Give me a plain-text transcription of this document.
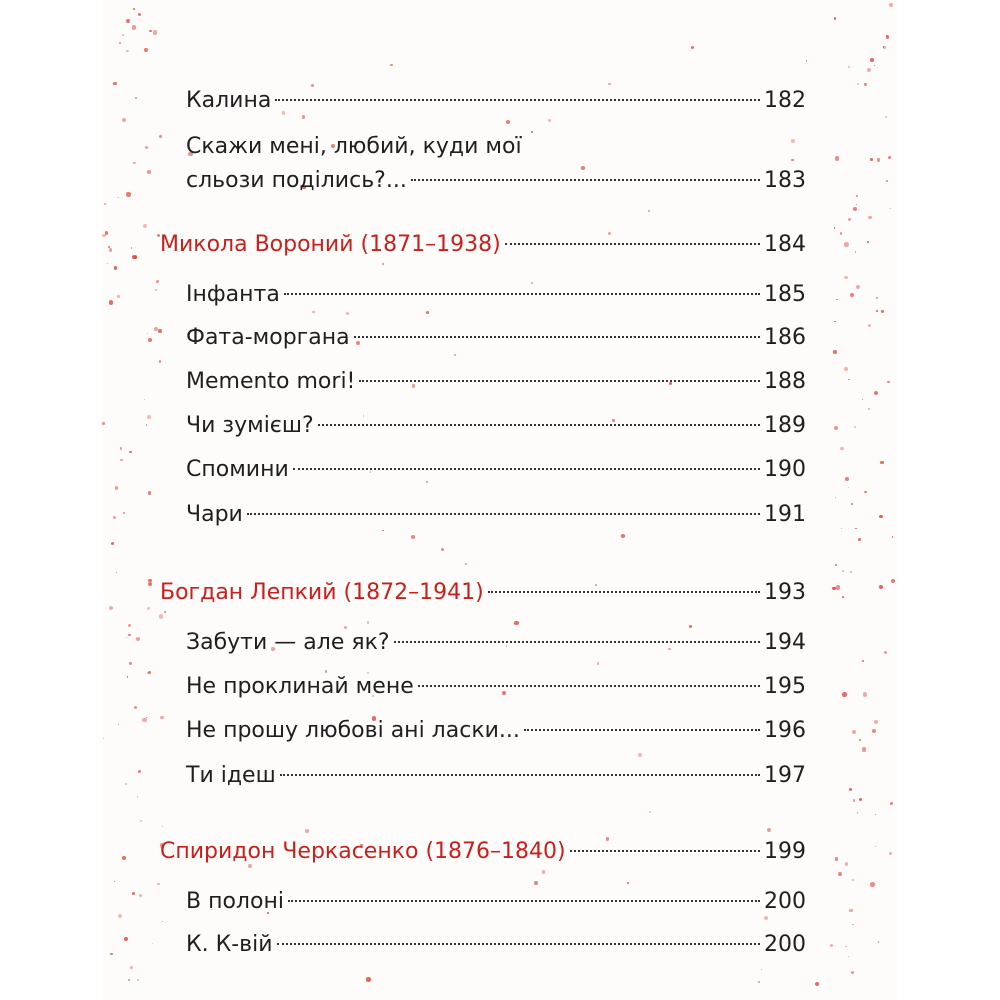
Калина	182
Скажи мені, любий, куди мої
сльози поділись?...	183
Микола Вороний (1871–1938)	184
Інфанта	185
Фата-моргана	186
Memento mori!	188
Чи зумієш?	189
Спомини	190
Чари	191
Богдан Лепкий (1872–1941)	193
Забути — але як?	194
Не проклинай мене	195
Не прошу любові ані ласки...	196
Ти ідеш	197
Спиридон Черкасенко (1876–1840)	199
В полоні	200
К. К-вій	200
